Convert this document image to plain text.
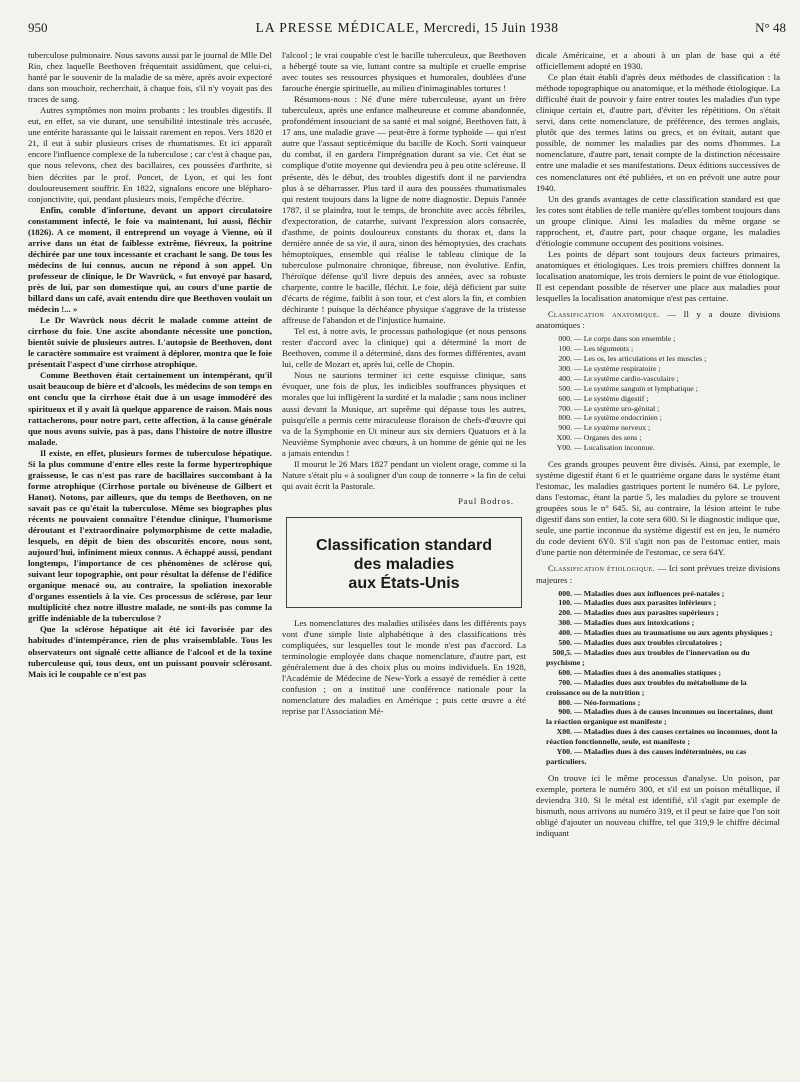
950	LA PRESSE MÉDICALE, Mercredi, 15 Juin 1938	N° 48

tuberculose pulmonaire. Nous savons aussi par le journal de Mlle Del Rio, chez laquelle Beethoven fréquentait assidûment, que celui-ci, hanté par le souvenir de la maladie de sa mère, après avoir expectoré dans son mouchoir, recherchait, à chaque fois, s'il n'y voyait pas des traces de sang.

Autres symptômes non moins probants : les troubles digestifs. Il eut, en effet, sa vie durant, une sensibilité intestinale très accusée, une entérite harassante qui le laissait rarement en repos. Vers 1820 et 21, il eut à subir plusieurs crises de rhumatismes. Et ici apparaît encore l'influence complexe de la tuberculose ; car c'est à chaque pas, que nous relevons, chez des bacillaires, ces poussées d'arthrite, si bien décrites par le prof. Poncet, de Lyon, et qui les font douloureusement souffrir. En 1822, signalons encore une blépharo-conjonctivite, qui, pendant plusieurs mois, l'empêche d'écrire.

Enfin, comble d'infortune, devant un apport circulatoire constamment infecté, le foie va maintenant, lui aussi, fléchir (1826). A ce moment, il entreprend un voyage à Vienne, où il arrive dans un état de faiblesse extrême, fiévreux, la poitrine déchirée par une toux incessante et crachant le sang. De tous les médecins de lui connus, aucun ne répond à son appel. Un professeur de clinique, le Dr Wavrück, « fut envoyé par hasard, près de lui, par son domestique qui, au cours d'une partie de billard dans un café, avait entendu dire que Beethoven voulait un médecin !... »

Le Dr Wavrück nous décrit le malade comme atteint de cirrhose du foie. Une ascite abondante nécessite une ponction, bientôt suivie de plusieurs autres. L'autopsie de Beethoven, dont le caractère sommaire est vraiment à déplorer, montra que le foie présentait l'aspect d'une cirrhose atrophique.

Comme Beethoven était certainement un intempérant, qu'il usait beaucoup de bière et d'alcools, les médecins de son temps en ont conclu que la cirrhose était due à un usage immodéré des spiritueux et il y avait là quelque apparence de raison. Mais nous rattacherons, pour notre part, cette affection, à la cause générale que nous avons suivie, pas à pas, dans l'histoire de notre illustre malade.

Il existe, en effet, plusieurs formes de tuberculose hépatique. Si la plus commune d'entre elles reste la forme hypertrophique graisseuse, le cas n'est pas rare de bacillaires succombant à la forme atrophique (Cirrhose portale ou bivéneuse de Gilbert et Hanot). Notons, par ailleurs, que du temps de Beethoven, on ne savait pas ce qu'était la tuberculose. Même ses biographes plus récents ne pouvaient connaître l'étendue clinique, l'humorisme déroutant et l'extraordinaire polymorphisme de cette maladie, lesquels, en dépit de bien des obscurités encore, nous sont, aujourd'hui, infiniment mieux connus. A échappé aussi, pendant longtemps, l'importance de ces phénomènes de sclérose qui, suivant leur topographie, ont pour résultat la défense de l'édifice organique menacé ou, au contraire, la spoliation inexorable d'organes essentiels à la vie. Ces processus de sclérose, par leur multiplicité chez notre illustre malade, ne sont-ils pas comme la griffe indéniable de la tuberculose ?

Que la sclérose hépatique ait été ici favorisée par des habitudes d'intempérance, rien de plus vraisemblable. Tous les observateurs ont signalé cette alliance de l'alcool et de la toxine tuberculeuse qui, tous deux, ont un puissant pouvoir sclérosant. Mais ici le coupable ce n'est pas

l'alcool ; le vrai coupable c'est le bacille tuberculeux, que Beethoven a hébergé toute sa vie, luttant contre sa multiple et cruelle emprise avec toutes ses ressources physiques et humorales, doublées d'une farouche énergie spirituelle, au milieu d'inimaginables tortures !

Résumons-nous : Né d'une mère tuberculeuse, ayant un frère tuberculeux, après une enfance malheureuse et comme abandonnée, profondément insouciant de sa santé et mal soigné, Beethoven fait, à 17 ans, une maladie grave — peut-être à forme typhoïde — qui n'est autre que l'assaut septicémique du bacille de Koch. Sorti vainqueur du combat, il en gardera l'imprégnation durant sa vie. Cet état se complique d'otite moyenne qui deviendra peu à peu otite scléreuse. Il présente, dès le début, des troubles digestifs dont il ne parviendra plus à se débarrasser. Plus tard il aura des poussées rhumatismales qui restent toujours dans la ligne de notre diagnostic. Depuis l'année 1787, il se plaindra, tout le temps, de bronchite avec accès fébriles, d'expectoration, de catarrhe, suivant l'expression alors consacrée, d'asthme, de points douloureux constants du thorax et, dans la dernière année de sa vie, il aura, sinon des hémoptysies, des crachats hémoptoïques, ensemble qui réalise le tableau clinique de la tuberculose pulmonaire chronique, fibreuse, non évolutive. Enfin, l'héroïque défense qu'il livre depuis des années, avec sa robuste charpente, contre le bacille, fléchit. Le foie, déjà déficient par suite d'écarts de régime, faiblit à son tour, et c'est alors la fin, et combien déchirante ! puisque la déchéance physique s'aggrave de la tristesse affreuse de l'abandon et de l'injustice humaine.

Tel est, à notre avis, le processus pathologique (et nous pensons rester d'accord avec la clinique) qui a déterminé la mort de Beethoven, comme il a déterminé, dans des formes différentes, avant lui, celle de Mozart et, après lui, celle de Chopin.

Nous ne saurions terminer ici cette esquisse clinique, sans évoquer, une fois de plus, les indicibles souffrances physiques et morales que lui infligèrent la surdité et la maladie ; sans nous incliner aussi devant la Musique, art suprême qui dépasse tous les autres, puisqu'elle a permis cette miraculeuse floraison de chefs-d'œuvre qui va de la Symphonie en Ut mineur aux six derniers Quatuors et à la Neuvième Symphonie avec chœurs, à un homme de génie qui ne les a jamais entendus !

Il mourut le 26 Mars 1827 pendant un violent orage, comme si la Nature s'était plu « à souligner d'un coup de tonnerre » la fin de celui qui avait écrit la Pastorale.

Paul Bodros.
Classification standard
des maladies
aux États-Unis

Les nomenclatures des maladies utilisées dans les différents pays vont d'une simple liste alphabétique à des classifications très compliquées, sur lesquelles tout le monde n'est pas d'accord. La terminologie employée dans chaque nomenclature, d'autre part, est généralement due à des choix plus ou moins individuels. En 1928, l'Académie de Médecine de New-York a essayé de remédier à cette confusion ; on a institué une conférence nationale pour la nomenclature des maladies en Amérique ; puis cette œuvre a été reprise par l'Association Mé-

dicale Américaine, et a abouti à un plan de base qui a été officiellement adopté en 1930.

Ce plan était établi d'après deux méthodes de classification : la méthode topographique ou anatomique, et la méthode étiologique. La difficulté était de pouvoir y faire entrer toutes les maladies d'un type clinique certain et, d'autre part, d'éviter les répétitions. On s'était servi, dans cette nomenclature, de préférence, des termes anglais, plutôt que des termes latins ou grecs, et on évitait, autant que possible, de nommer les maladies par des noms d'hommes. La nomenclature, d'autre part, tenait compte de la distinction nécessaire entre une maladie et ses manifestations. Deux éditions successives de ces nomenclatures ont été publiées, et on en prévoit une autre pour 1940.

Un des grands avantages de cette classification standard est que les cotes sont établies de telle manière qu'elles tombent toujours dans un groupe clinique. Ainsi les maladies du même organe se rapprochent, et, d'autre part, pour chaque organe, les maladies d'étiologie commune occupent des positions voisines.

Les points de départ sont toujours deux facteurs primaires, anatomiques et étiologiques. Les trois premiers chiffres donnent la localisation anatomique, les trois derniers le point de vue étiologique. Il est cependant possible de réserver une place aux maladies pour lesquelles la localisation anatomique n'est pas certaine.

Classification anatomique. — Il y a douze divisions anatomiques :

000. — Le corps dans son ensemble ;
100. — Les téguments ;
200. — Les os, les articulations et les muscles ;
300. — Le système respiratoire ;
400. — Le système cardio-vasculaire ;
500. — Le système sanguin et lymphatique ;
600. — Le système digestif ;
700. — Le système uro-génital ;
800. — Le système endocrinien ;
900. — Le système nerveux ;
X00. — Organes des sens ;
Y00. — Localisation inconnue.

Ces grands groupes peuvent être divisés. Ainsi, par exemple, le système digestif étant 6 et le quatrième organe dans le système étant l'estomac, les maladies gastriques portent le numéro 64. Le pylore, dans l'estomac, étant la partie 5, les maladies du pylore se trouvent groupées sous le n° 645. Si, au contraire, la lésion atteint le tube digestif dans son entier, la cote sera 600. Si le diagnostic indique que, seule, une partie inconnue du système digestif est en jeu, le numéro du code devient 6Y0. S'il s'agit non pas de l'estomac entier, mais d'une partie non déterminée de l'estomac, ce sera 64Y.

Classification étiologique. — Ici sont prévues treize divisions majeures :

000. — Maladies dues aux influences pré-natales ;
100. — Maladies dues aux parasites inférieurs ;
200. — Maladies dues aux parasites supérieurs ;
300. — Maladies dues aux intoxications ;
400. — Maladies dues au traumatisme ou aux agents physiques ;
500. — Maladies dues aux troubles circulatoires ;
500,5. — Maladies dues aux troubles de l'innervation ou du psychisme ;
600. — Maladies dues à des anomalies statiques ;
700. — Maladies dues aux troubles du métabolisme de la croissance ou de la nutrition ;
800. — Néo-formations ;
900. — Maladies dues à de causes inconnues ou incertaines, dont la réaction organique est manifeste ;
X00. — Maladies dues à des causes certaines ou inconnues, dont la réaction fonctionnelle, seule, est manifeste ;
Y00. — Maladies dues à des causes indéterminées, ou cas particuliers.

On trouve ici le même processus d'analyse. Un poison, par exemple, portera le numéro 300, et s'il est un poison métallique, il deviendra 310. Si le métal est identifié, s'il s'agit par exemple de bismuth, nous arrivons au numéro 319, et il peut se faire que l'on soit obligé d'ajouter un nouveau chiffre, tel que 319,9 le chiffre décimal indiquant
